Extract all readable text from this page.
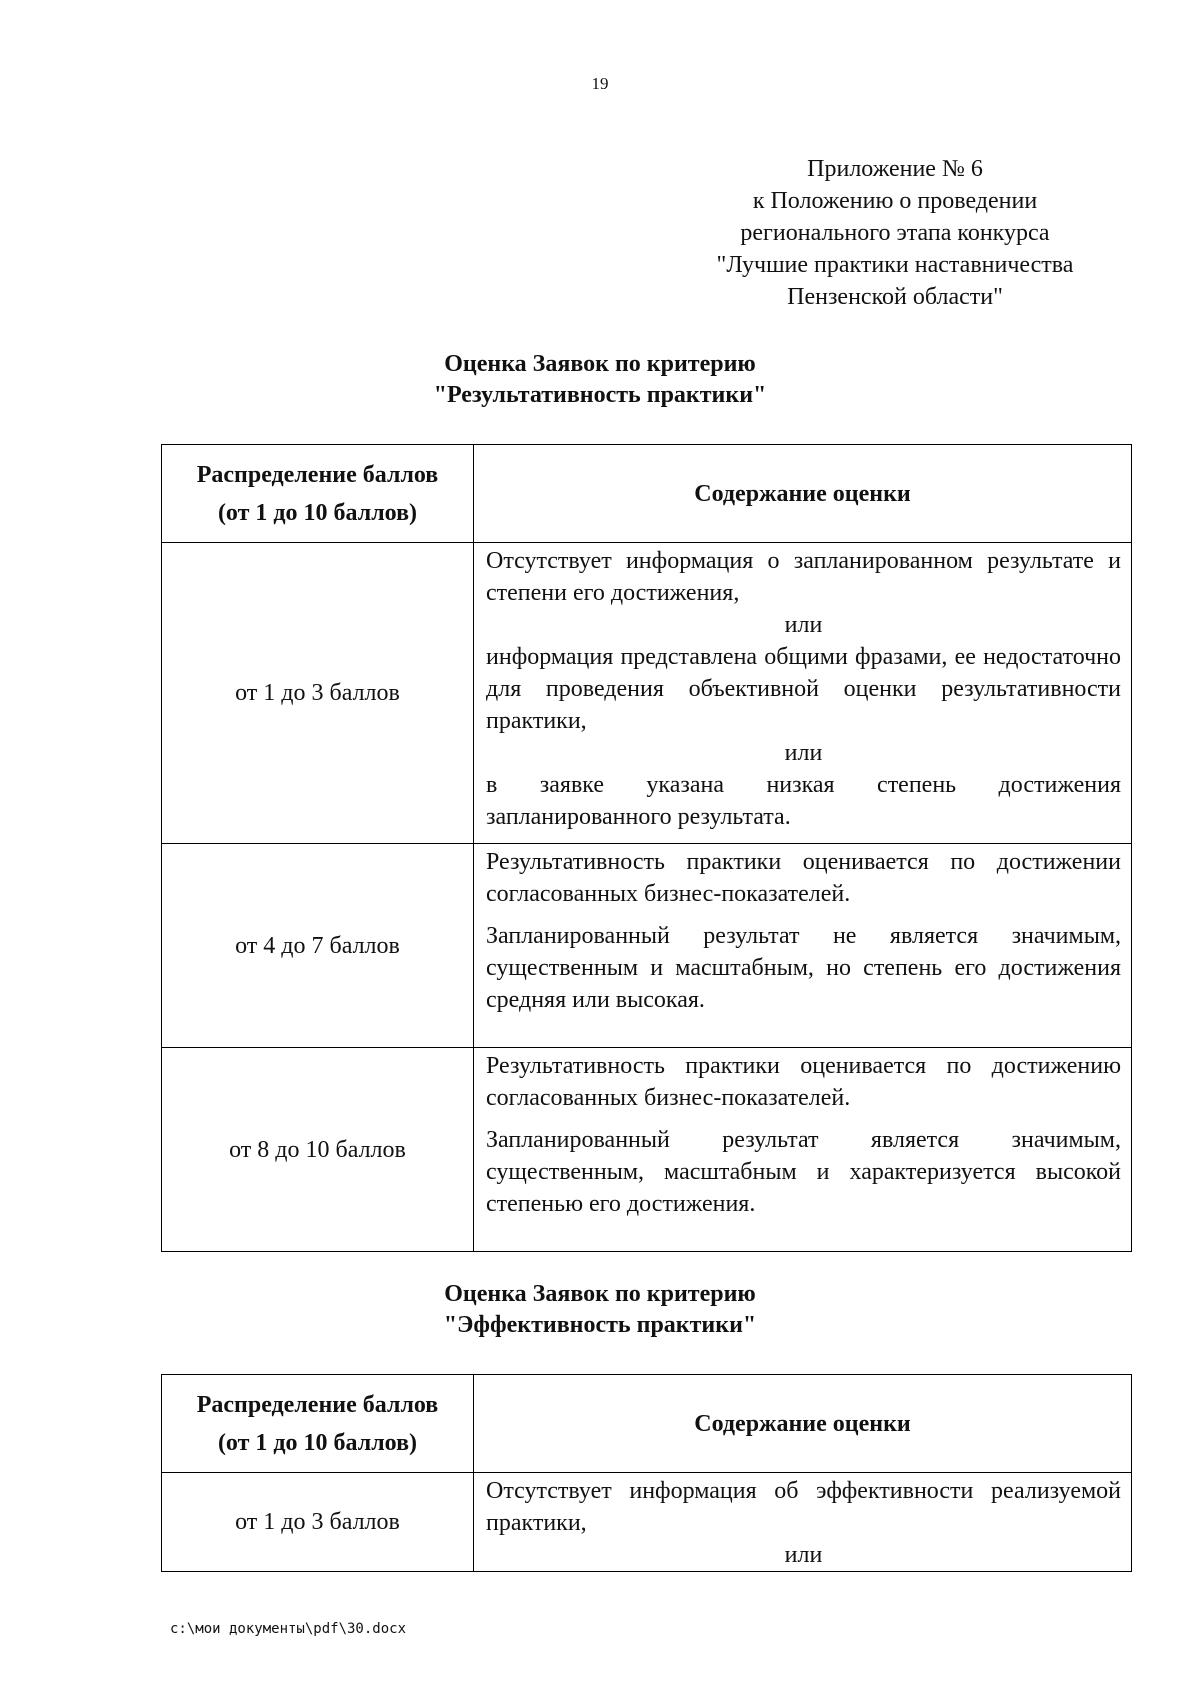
19
Приложение № 6
к Положению о проведении
регионального этапа конкурса
"Лучшие практики наставничества
Пензенской области"
Оценка Заявок по критерию
"Результативность практики"
Распределение баллов
(от 1 до 10 баллов)	Содержание оценки
от 1 до 3 баллов	Отсутствует информация о запланированном результате и степени его достижения,

или

информация представлена общими фразами, ее недостаточно для проведения объективной оценки результативности практики,

или

в заявке указана низкая степень достижения запланированного результата.

от 4 до 7 баллов	Результативность практики оценивается по достижении согласованных бизнес-показателей.

Запланированный результат не является значимым, существенным и масштабным, но степень его достижения средняя или высокая.

от 8 до 10 баллов	Результативность практики оценивается по достижению согласованных бизнес-показателей.

Запланированный результат является значимым, существенным, масштабным и характеризуется высокой степенью его достижения.

Оценка Заявок по критерию
"Эффективность практики"
Распределение баллов
(от 1 до 10 баллов)	Содержание оценки
от 1 до 3 баллов	Отсутствует информация об эффективности реализуемой практики,

или

c:\мои документы\pdf\30.docx
